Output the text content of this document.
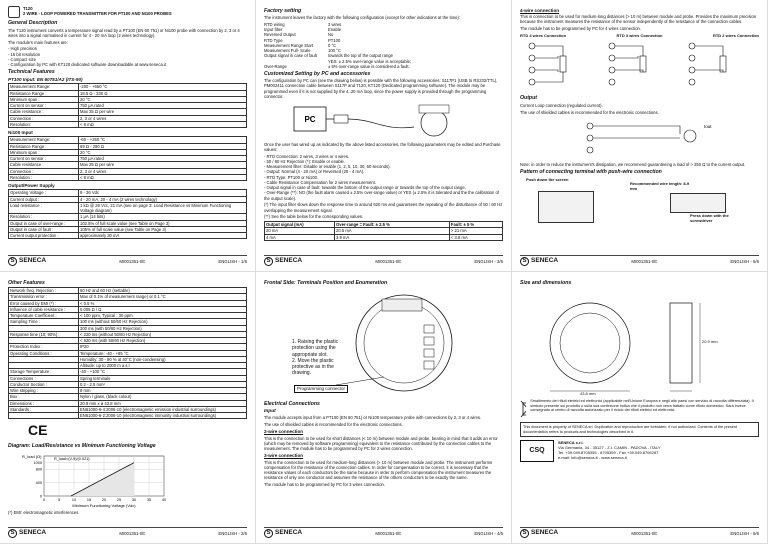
T120
2 WIRE - LOOP POWERED TRANSMITTER FOR PT100 AND NI100 PROBES
General Description
The T120 instrument converts a temperature signal read by a PT100 (EN 60 751) or Ni100 probe with connection by 2, 3 or 4 wires into a signal normalised in current for 4 - 20 mA loop (2 wires technology).
The module's main features are:
- High precision
- 16 bit resolution
- Compact size
- Configuration by PC with KT120 dedicated software downloadable at www.seneca.it
Technical Features
PT100 Input: EN 60751/A2 (ITS-90)
Measurement Range:	-200 - +650 °C
Resistance Range :	18.5 Ω - 330 Ω
Minimum span :	20 °C
Current on sensor :	750 μA rated
Cable resistance :	Max 25 Ω per wire
Connection :	2, 3 or 4 wires
Resolution:	< 8 mΩ
Ni100 Input
Measurement Range:	-60 - +250 °C
Resistance Range :	69 Ω - 290 Ω
Minimum span :	20 °C
Current on sensor :	750 μA rated
Cable resistance :	Max 25 Ω per wire
Connection :	2, 3 or 4 wires
Resolution :	< 8 mΩ
Output/Power Supply
Operating Voltage :	9 - 36 Vdc
Current output :	4 - 20 mA, 20 - 4 mA (2 wires technology)
Load resistance :	1 kΩ @ 26 Vcc, 21 mA (see on page 3: Load Resistance vs Minimum Functioning Voltage diagram)
Resolution :	1 μA (14 bits)
Output in case of over-range :	102.5% of full scale value (see Table on Page 3)
Output in case of fault :	105% of full scale value (see Table on Page 3)
Current output protection :	approximately 30 mA
S SENECA	MI001351-I/E	ENGLISH - 1/6
Factory setting
The instrument leaves the factory with the following configuration (except for other indications at the time):
RTD wiring	3 wires
Input filter	Enable
Reversed Output	No
RTD Type	PT100
Measurement Range Start	0 °C
Measurement Full- Scale	100 °C
Output signal in case of fault	towards the top of the output range
YES: ± 2.5% over-range value is acceptable;
Over-Range	± 5% over-range value is considered a fault.
Customized Setting by PC and accessories
The configuration by PC can (see the drawing below) is possible with the following accessories: S117P1 (USB to RS232/TTL), PM002411 connection cable between S117P and T120, KT120 (Dedicated programming software). The module may be programmed even if it is not supplied by the 4..20 mA loop, since the power supply is provided through the programming connector.
PC
Once the user has wired up as indicated by the above listed accessories, the following parameters may be edited and Purchase values:
- RTD Connection: 2 wires, 3 wires or 4 wires.
- 50 / 60 Hz Rejection (*): Enable or enable.
- Measurement filter: Disable or enable (1, 2, 5, 10, 30, 60 seconds).
- Output: Normal (4 - 20 mA) or Reversed (20 - 4 mA).
- RTD Type: PT100 or Ni100.
- Cable Resistance Compensation for 2 wires measurement.
- Output signal in case of fault: towards the bottom of the output range or towards the top of the output range.
- Over-Range (**): NO (the fault alarm caused ± 2.5% over-range value) or YES (± 2.5% it is tolerated and the the calibration of the output scale).
(*) The input filter slows down the response time to around 620 ms and guarantees the repeating of the disturbance of 50 / 60 Hz overlapping the measurement signal.
(**) See the table below for the corresponding values.
Output signal (mA)	Over-range = Fault: ± 2.5 %	Fault: ± 5 %
20 mA	20.5 mA	> 21 mA
4 mA	3.9 mA	< 3.8 mA
S SENECA	MI001351-I/E	ENGLISH - 3/6
4-wire connection
This is connection to be used for medium-long distances (> 10 m) between module and probe. Provides the maximum precision because the instrument measures the resistance of the sensor independently of the resistance of the connection cables.
The module has to be programmed by PC for 4 wires connection.
RTD 4 wires Connection	RTD 3 wires Connection	RTD 2 wires Connection
Output
Current Loop connection (regulated current).
The use of shielded cables is recommended for the electronic connections.
Iout
Note: in order to reduce the instrument's dissipation, we recommend guaranteeing a load of > 250 Ω to the current output.
Pattern of connecting terminal with push-wire connection
Push down the screen
Recommended wire length: 8-9 mm
Press down with the screwdriver
S SENECA	MI001351-I/E	ENGLISH - 5/6
Other Features
Network freq. Rejection :	50 Hz and 60 Hz (settable)
Transmission error :	Max of 0.1% of measurement range) or 0.1 °C
Error caused by EMI (*) :	< 0.5 %
Influence of cable resistance :	0.005 Ω / Ω
Temperature Coefficient :	< 100 ppm, Typical : 30 ppm
Sampling Time :	100 ms (without 50/60 Hz Rejection)
	300 ms (with 50/60 Hz Rejection)
Response time (10; 90%) :	< 220 ms (without 50/60 Hz Rejection)
	< 620 ms (with 50/60 Hz Rejection)
Protection Index :	IP20
Operating Conditions :	Temperature: -40 - +85 °C
	Humidity: 30 - 90 % at 40°C (non-condensing)
	Altitude: up to 2000 m a.s.l
Storage Temperature :	-40 - +100 °C
Connections :	Spring terminals
Conductor Section :	0.2 - 2.5 mm²
Wire stripping :	8 mm
Box :	Nylon / glass, (black colour)
Dimensions :	20.9 mm x ø 43.8 mm
Standards :	EN61000-6-4:2006-10 (electromagnetic emission industrial surroundings)
	EN61000-6-2:2006-10 (electromagnetic immunity industrial surroundings)
CE
Diagram: Load/Resistance vs Minimum Functioning Voltage
0	5	10	15	20	25	30	35	40
0
400
800
1000
R_load (Ω)
Minimum Functioning Voltage (Vdc)
R_load=(V-9)/(0.021)
(*) EMI: electromagnetic interferences.
S SENECA	MI001351-I/E	ENGLISH - 2/6
Frontal Side: Terminals Position and Enumeration
1. Raising the plastic protection using the appropriate slot.
2. Move the plastic protective as in the drawing.
Programming connector
Electrical Connections
Input
The module accepts input from a PT100 (EN 60 751) or Ni100 temperature probe with connections by 2, 3 or 4 wires.
The use of shielded cables is recommended for the electronic connections.
2-wire connection
This is the connection to be used for short distances (< 10 m) between module and probe, bearing in mind that it adds an error (which may be removed by software programming) equivalent to the resistance contributed by the connection cables to the measurement. The module has to be programmed by PC for 2 wires connection.
3-wire connection
This is the connection to be used for medium-long distances (> 10 m) between module and probe. The instrument performs compensation for the resistance of the connection cables. In order for compensation to be correct, it is necessary that the resistance values of each conductors be the same because in order to perform compensation the instrument measures the resistance of only one conductor and assumes the resistance of the others conductors to be exactly the same.
The module has to be programmed by PC for 3 wires connection.
S SENECA	MI001351-I/E	ENGLISH - 4/6
Size and dimensions
43.8 mm
20.9 mm
Smaltimento dei rifiuti elettrici ed elettronici (applicabile nell'Unione Europea e negli altri paesi con servizio di raccolta differenziata). Il simbolo presente sul prodotto o sulla sua confezione indica che il prodotto non verrà trattato come rifiuto domestico. Sarà invece consegnato al centro di raccolta autorizzato per il riciclo dei rifiuti elettrici ed elettronici.
This document is property of SENECA srl. Duplication and reproduction are forbidden, if not authorized. Contents of the present documentation refers to products and technologies described in it.
CSQ
SENECA s.r.l.
Via Germania, 34 - 35127 - Z.I. CAMIN - PADOVA - ITALY
Tel. +39.049.8705355 - 8705359 - Fax +39.049.8706287
e-mail: info@seneca.it - www.seneca.it
S SENECA	MI001351-I/E	ENGLISH - 6/6
